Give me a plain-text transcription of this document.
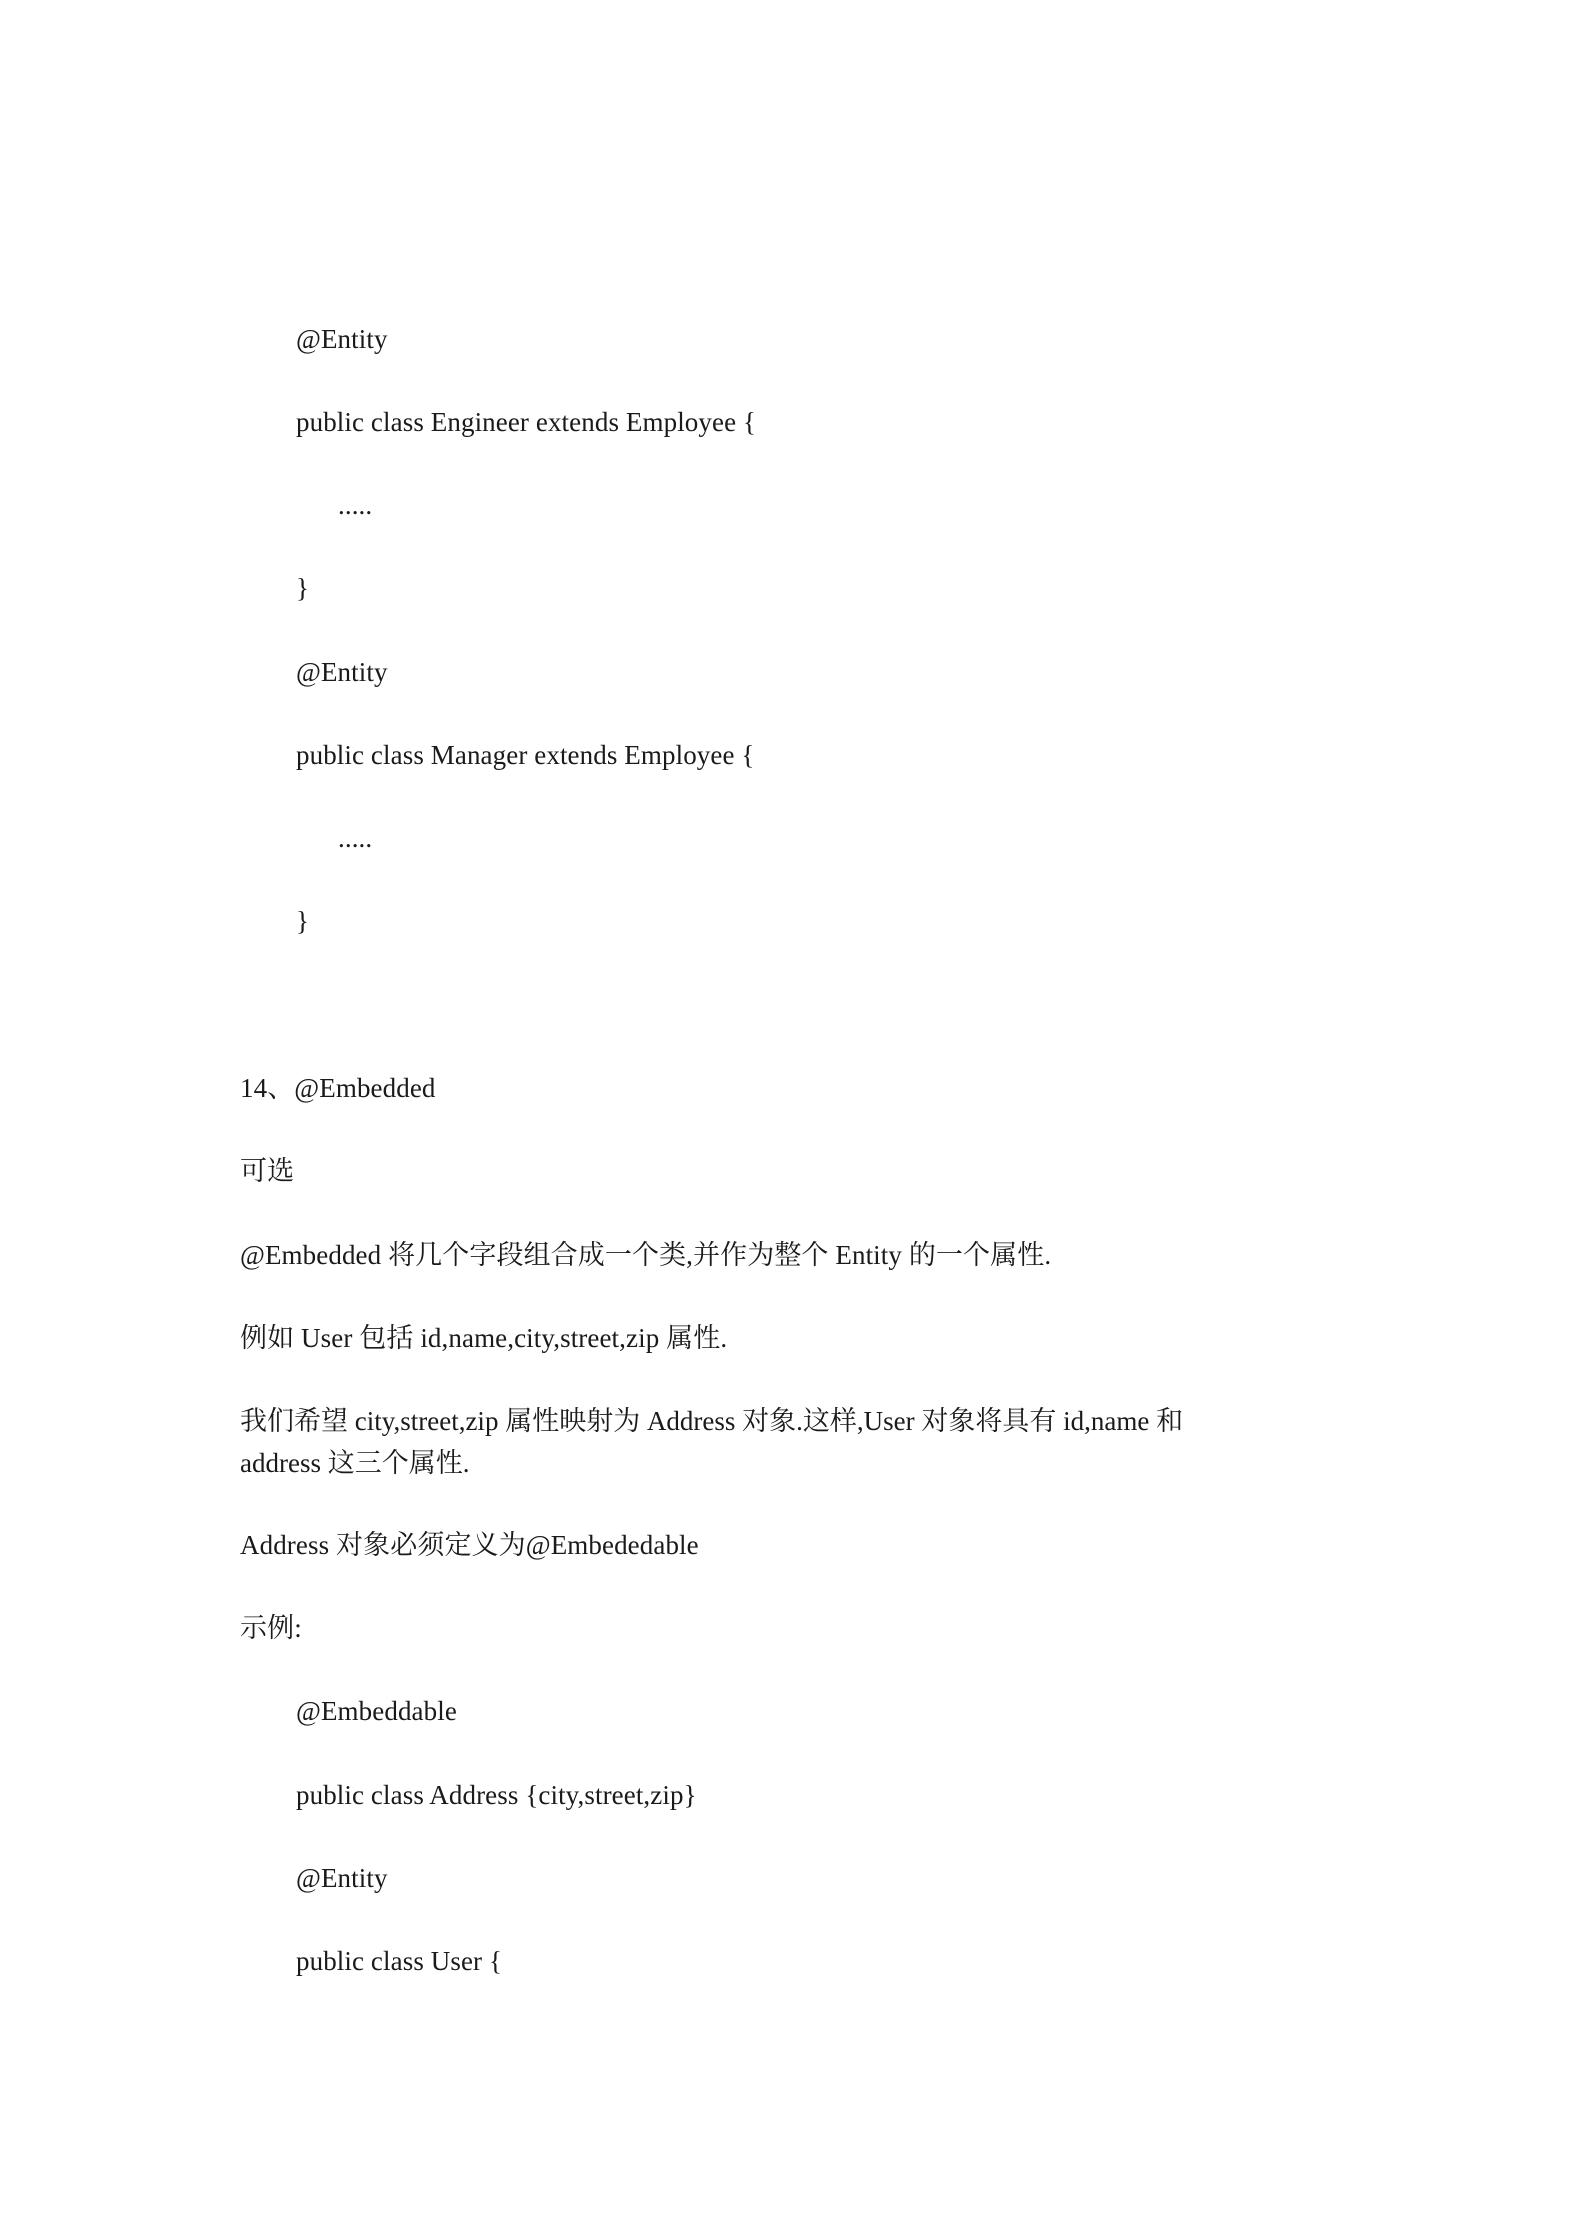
@Entity
public class Engineer extends Employee {
.....
}
@Entity
public class Manager extends Employee {
.....
}
14、@Embedded
可选
@Embedded 将几个字段组合成一个类,并作为整个 Entity 的一个属性.
例如 User 包括 id,name,city,street,zip 属性.
我们希望 city,street,zip 属性映射为 Address 对象.这样,User 对象将具有 id,name 和
address 这三个属性.
Address 对象必须定义为@Embededable
示例:
@Embeddable
public class Address {city,street,zip}
@Entity
public class User {
